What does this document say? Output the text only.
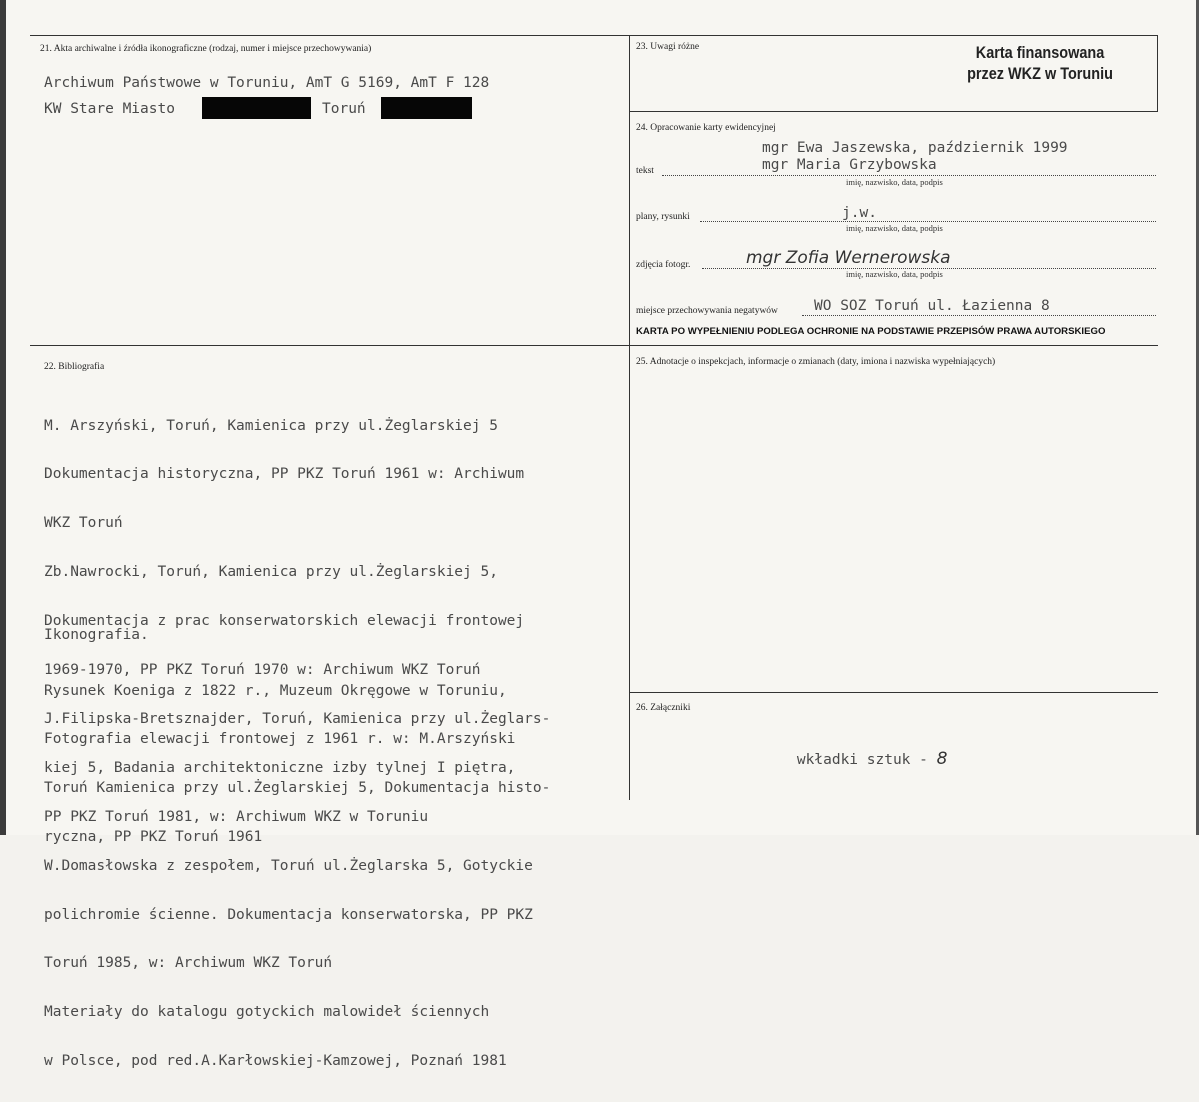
21. Akta archiwalne i źródła ikonograficzne (rodzaj, numer i miejsce przechowywania)
Archiwum Państwowe w Toruniu, AmT G 5169, AmT F 128
KW Stare Miasto	Toruń
22. Bibliografia

M. Arszyński, Toruń, Kamienica przy ul.Żeglarskiej 5

Dokumentacja historyczna, PP PKZ Toruń 1961 w: Archiwum

WKZ Toruń

Zb.Nawrocki, Toruń, Kamienica przy ul.Żeglarskiej 5,

Dokumentacja z prac konserwatorskich elewacji frontowej

1969-1970, PP PKZ Toruń 1970 w: Archiwum WKZ Toruń

J.Filipska-Bretsznajder, Toruń, Kamienica przy ul.Żeglars-

kiej 5, Badania architektoniczne izby tylnej I piętra,

PP PKZ Toruń 1981, w: Archiwum WKZ w Toruniu

W.Domasłowska z zespołem, Toruń ul.Żeglarska 5, Gotyckie

polichromie ścienne. Dokumentacja konserwatorska, PP PKZ

Toruń 1985, w: Archiwum WKZ Toruń

Materiały do katalogu gotyckich malowideł ściennych

w Polsce, pod red.A.Karłowskiej-Kamzowej, Poznań 1981

Ikonografia.

Rysunek Koeniga z 1822 r., Muzeum Okręgowe w Toruniu,

Fotografia elewacji frontowej z 1961 r. w: M.Arszyński

Toruń Kamienica przy ul.Żeglarskiej 5, Dokumentacja histo-

ryczna, PP PKZ Toruń 1961

23. Uwagi różne	Karta finansowana
przez WKZ w Toruniu
24. Opracowanie karty ewidencyjnej
mgr Ewa Jaszewska, październik 1999
mgr Maria Grzybowska
tekst
imię, nazwisko, data, podpis
j.w.
plany, rysunki
imię, nazwisko, data, podpis
mgr Zofia Wernerowska
zdjęcia fotogr.
imię, nazwisko, data, podpis
WO SOZ Toruń ul. Łazienna 8
miejsce przechowywania negatywów
KARTA PO WYPEŁNIENIU PODLEGA OCHRONIE NA PODSTAWIE PRZEPISÓW PRAWA AUTORSKIEGO
25. Adnotacje o inspekcjach, informacje o zmianach (daty, imiona i nazwiska wypełniających)
26. Załączniki

wkładki sztuk - 8
